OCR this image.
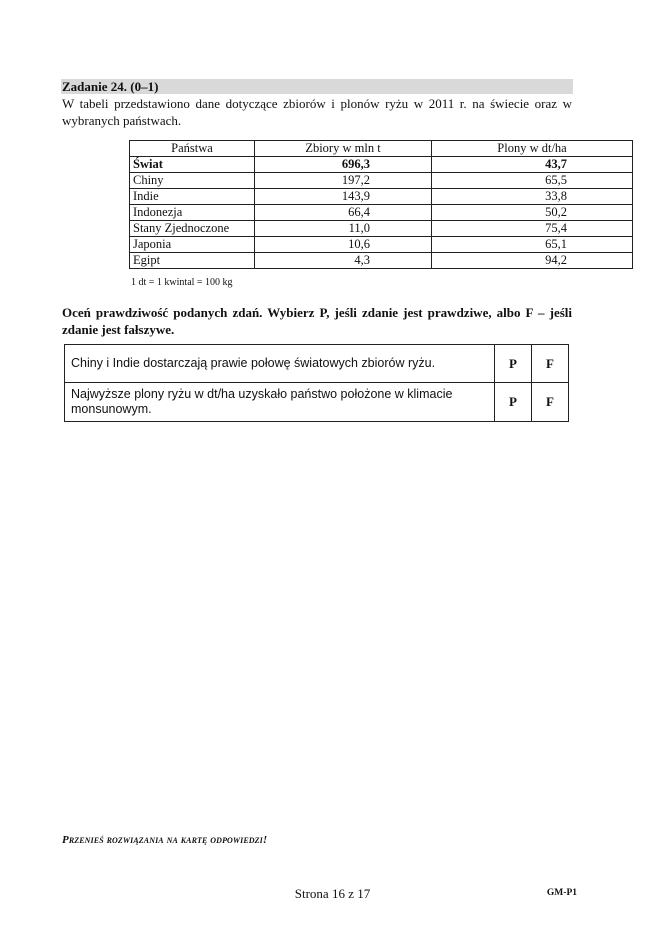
Zadanie 24. (0–1)
W tabeli przedstawiono dane dotyczące zbiorów i plonów ryżu w 2011 r. na świecie oraz w wybranych państwach.
Państwa	Zbiory w mln t	Plony w dt/ha
Świat	696,3	43,7
Chiny	197,2	65,5
Indie	143,9	33,8
Indonezja	66,4	50,2
Stany Zjednoczone	11,0	75,4
Japonia	10,6	65,1
Egipt	4,3	94,2
1 dt = 1 kwintal = 100 kg
Oceń prawdziwość podanych zdań. Wybierz P, jeśli zdanie jest prawdziwe, albo F – jeśli zdanie jest fałszywe.
Chiny i Indie dostarczają prawie połowę światowych zbiorów ryżu.	P	F
Najwyższe plony ryżu w dt/ha uzyskało państwo położone w klimacie monsunowym.	P	F
Przenieś rozwiązania na kartę odpowiedzi!
Strona 16 z 17	GM-P1
